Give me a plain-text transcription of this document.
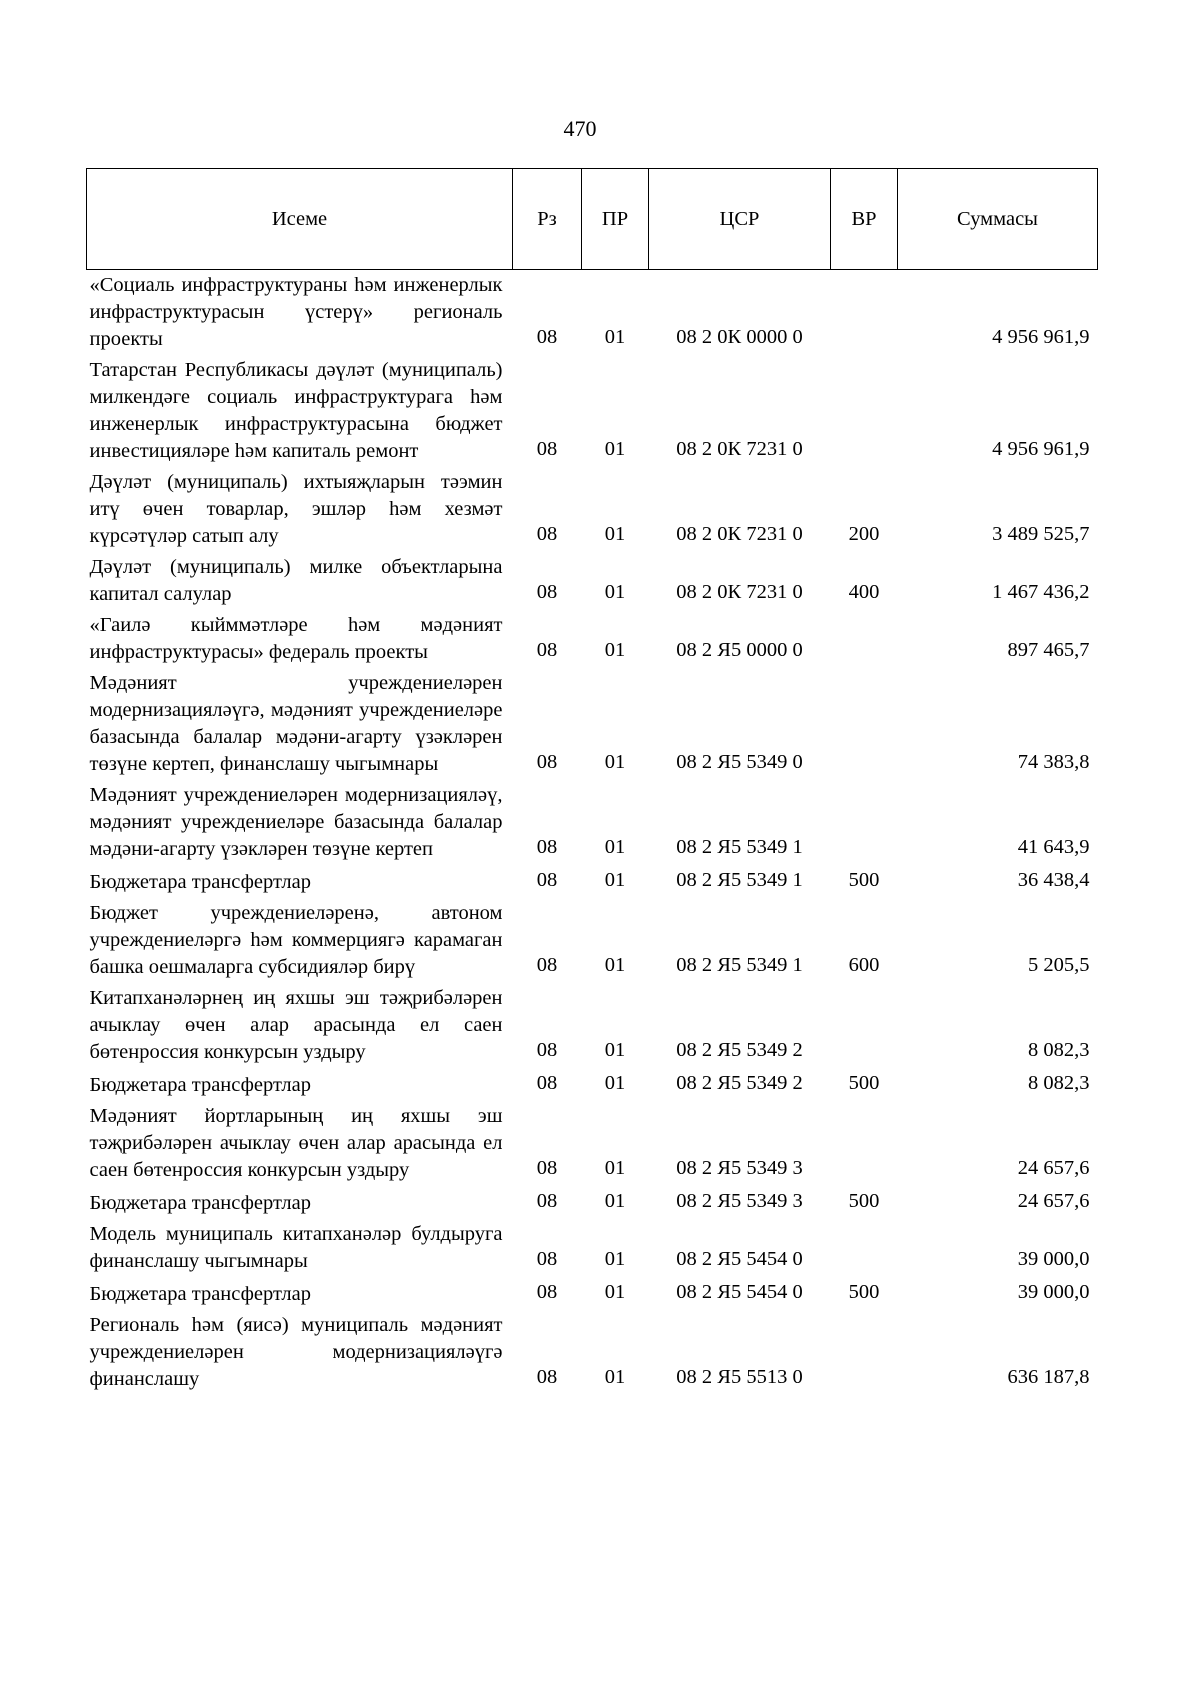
470
Исеме	Рз	ПР	ЦСР	ВР	Суммасы
«Социаль инфраструктураны һәм инженерлык инфраструктурасын үстерү» региональ проекты	08	01	08 2 0К 0000 0		4 956 961,9
Татарстан Республикасы дәүләт (муниципаль) милкендәге социаль инфраструктурага һәм инженерлык инфраструктурасына бюджет инвестицияләре һәм капиталь ремонт	08	01	08 2 0К 7231 0		4 956 961,9
Дәүләт (муниципаль) ихтыяҗларын тәэмин итү өчен товарлар, эшләр һәм хезмәт күрсәтүләр сатып алу	08	01	08 2 0К 7231 0	200	3 489 525,7
Дәүләт (муниципаль) милке объектларына капитал салулар	08	01	08 2 0К 7231 0	400	1 467 436,2
«Гаилә кыйммәтләре һәм мәдәният инфраструктурасы» федераль проекты	08	01	08 2 Я5 0000 0		897 465,7
Мәдәният учреждениеләрен модернизацияләүгә, мәдәният учреждениеләре базасында балалар мәдәни-агарту үзәкләрен төзүне кертеп, финанслашу чыгымнары	08	01	08 2 Я5 5349 0		74 383,8
Мәдәният учреждениеләрен модернизацияләү, мәдәният учреждениеләре базасында балалар мәдәни-агарту үзәкләрен төзүне кертеп	08	01	08 2 Я5 5349 1		41 643,9
Бюджетара трансфертлар	08	01	08 2 Я5 5349 1	500	36 438,4
Бюджет учреждениеләренә, автоном учреждениеләргә һәм коммерциягә карамаган башка оешмаларга субсидияләр бирү	08	01	08 2 Я5 5349 1	600	5 205,5
Китапханәләрнең иң яхшы эш тәҗрибәләрен ачыклау өчен алар арасында ел саен бөтенроссия конкурсын уздыру	08	01	08 2 Я5 5349 2		8 082,3
Бюджетара трансфертлар	08	01	08 2 Я5 5349 2	500	8 082,3
Мәдәният йортларының иң яхшы эш тәҗрибәләрен ачыклау өчен алар арасында ел саен бөтенроссия конкурсын уздыру	08	01	08 2 Я5 5349 3		24 657,6
Бюджетара трансфертлар	08	01	08 2 Я5 5349 3	500	24 657,6
Модель муниципаль китапханәләр булдыруга финанслашу чыгымнары	08	01	08 2 Я5 5454 0		39 000,0
Бюджетара трансфертлар	08	01	08 2 Я5 5454 0	500	39 000,0
Региональ һәм (яисә) муниципаль мәдәният учреждениеләрен модернизацияләүгә финанслашу	08	01	08 2 Я5 5513 0		636 187,8
